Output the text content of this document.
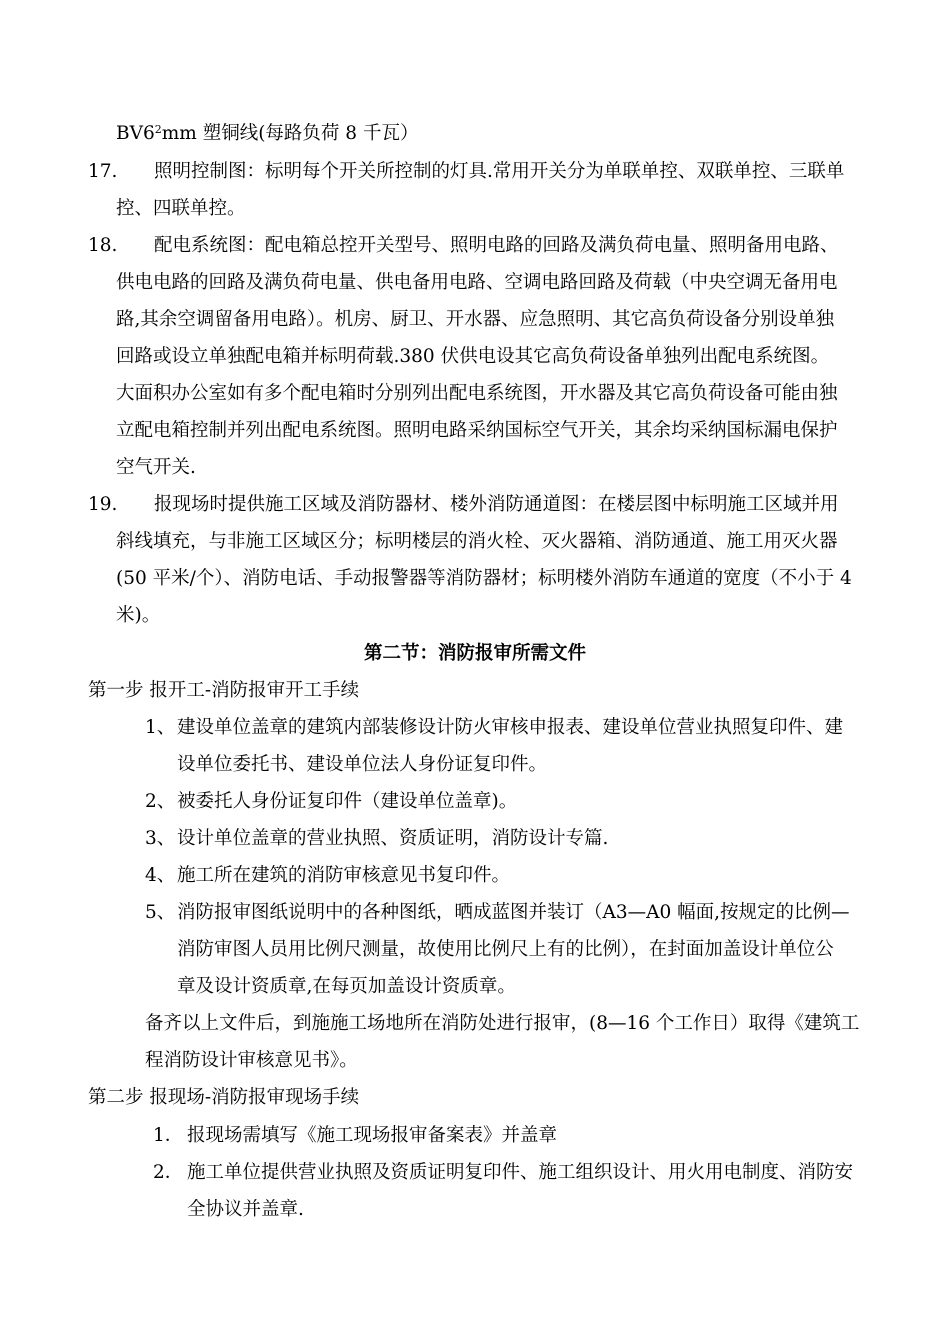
$BV6^2mm$ 塑铜线(每路负荷 8 千瓦）
17. 照明控制图：标明每个开关所控制的灯具.常用开关分为单联单控、双联单控、三联单
控、四联单控。
18. 配电系统图：配电箱总控开关型号、照明电路的回路及满负荷电量、照明备用电路、
供电电路的回路及满负荷电量、供电备用电路、空调电路回路及荷载（中央空调无备用电
路,其余空调留备用电路）。机房、厨卫、开水器、应急照明、其它高负荷设备分别设单独
回路或设立单独配电箱并标明荷载.380 伏供电设其它高负荷设备单独列出配电系统图。
大面积办公室如有多个配电箱时分别列出配电系统图，开水器及其它高负荷设备可能由独
立配电箱控制并列出配电系统图。照明电路采纳国标空气开关，其余均采纳国标漏电保护
空气开关.
19. 报现场时提供施工区域及消防器材、楼外消防通道图：在楼层图中标明施工区域并用
斜线填充，与非施工区域区分；标明楼层的消火栓、灭火器箱、消防通道、施工用灭火器
(50 平米/个）、消防电话、手动报警器等消防器材；标明楼外消防车通道的宽度（不小于 4
米)。
第二节：消防报审所需文件
第一步 报开工-消防报审开工手续
1、 建设单位盖章的建筑内部装修设计防火审核申报表、建设单位营业执照复印件、建
设单位委托书、建设单位法人身份证复印件。
2、 被委托人身份证复印件（建设单位盖章)。
3、 设计单位盖章的营业执照、资质证明，消防设计专篇.
4、 施工所在建筑的消防审核意见书复印件。
5、 消防报审图纸说明中的各种图纸，晒成蓝图并装订（A3—A0 幅面,按规定的比例—
消防审图人员用比例尺测量，故使用比例尺上有的比例），在封面加盖设计单位公
章及设计资质章,在每页加盖设计资质章。
备齐以上文件后，到施施工场地所在消防处进行报审，(8—16 个工作日）取得《建筑工
程消防设计审核意见书》。
第二步 报现场-消防报审现场手续
1． 报现场需填写《施工现场报审备案表》并盖章
2． 施工单位提供营业执照及资质证明复印件、施工组织设计、用火用电制度、消防安
全协议并盖章.
